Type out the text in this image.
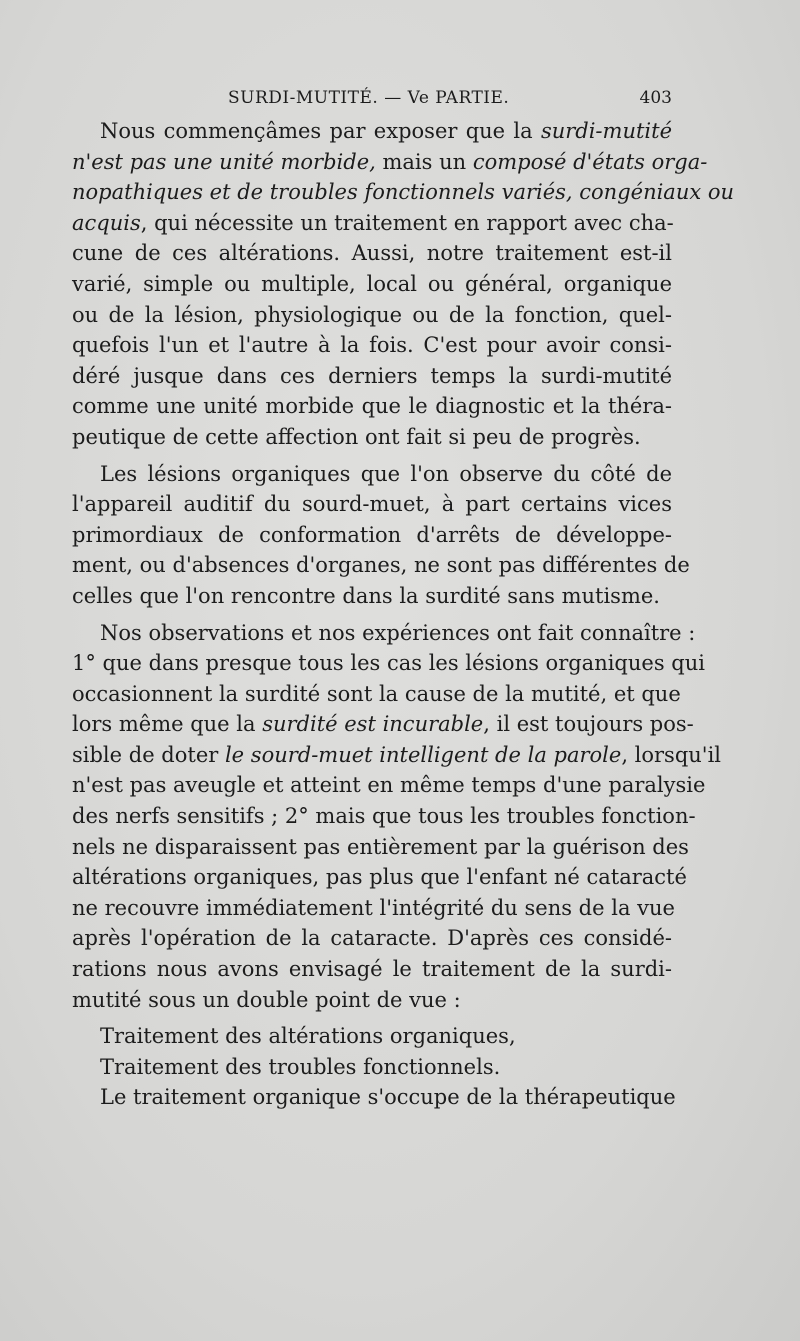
SURDI-MUTITÉ. — Ve PARTIE.	403
Nous commençâmes par exposer que la surdi-mutité
n'est pas une unité morbide, mais un composé d'états orga-
nopathiques et de troubles fonctionnels variés, congéniaux ou
acquis, qui nécessite un traitement en rapport avec cha-
cune de ces altérations. Aussi, notre traitement est-il
varié, simple ou multiple, local ou général, organique
ou de la lésion, physiologique ou de la fonction, quel-
quefois l'un et l'autre à la fois. C'est pour avoir consi-
déré jusque dans ces derniers temps la surdi-mutité
comme une unité morbide que le diagnostic et la théra-
peutique de cette affection ont fait si peu de progrès.
Les lésions organiques que l'on observe du côté de
l'appareil auditif du sourd-muet, à part certains vices
primordiaux de conformation d'arrêts de développe-
ment, ou d'absences d'organes, ne sont pas différentes de
celles que l'on rencontre dans la surdité sans mutisme.
Nos observations et nos expériences ont fait connaître :
1° que dans presque tous les cas les lésions organiques qui
occasionnent la surdité sont la cause de la mutité, et que
lors même que la surdité est incurable, il est toujours pos-
sible de doter le sourd-muet intelligent de la parole, lorsqu'il
n'est pas aveugle et atteint en même temps d'une paralysie
des nerfs sensitifs ; 2° mais que tous les troubles fonction-
nels ne disparaissent pas entièrement par la guérison des
altérations organiques, pas plus que l'enfant né cataracté
ne recouvre immédiatement l'intégrité du sens de la vue
après l'opération de la cataracte. D'après ces considé-
rations nous avons envisagé le traitement de la surdi-
mutité sous un double point de vue :
Traitement des altérations organiques,
Traitement des troubles fonctionnels.
Le traitement organique s'occupe de la thérapeutique
